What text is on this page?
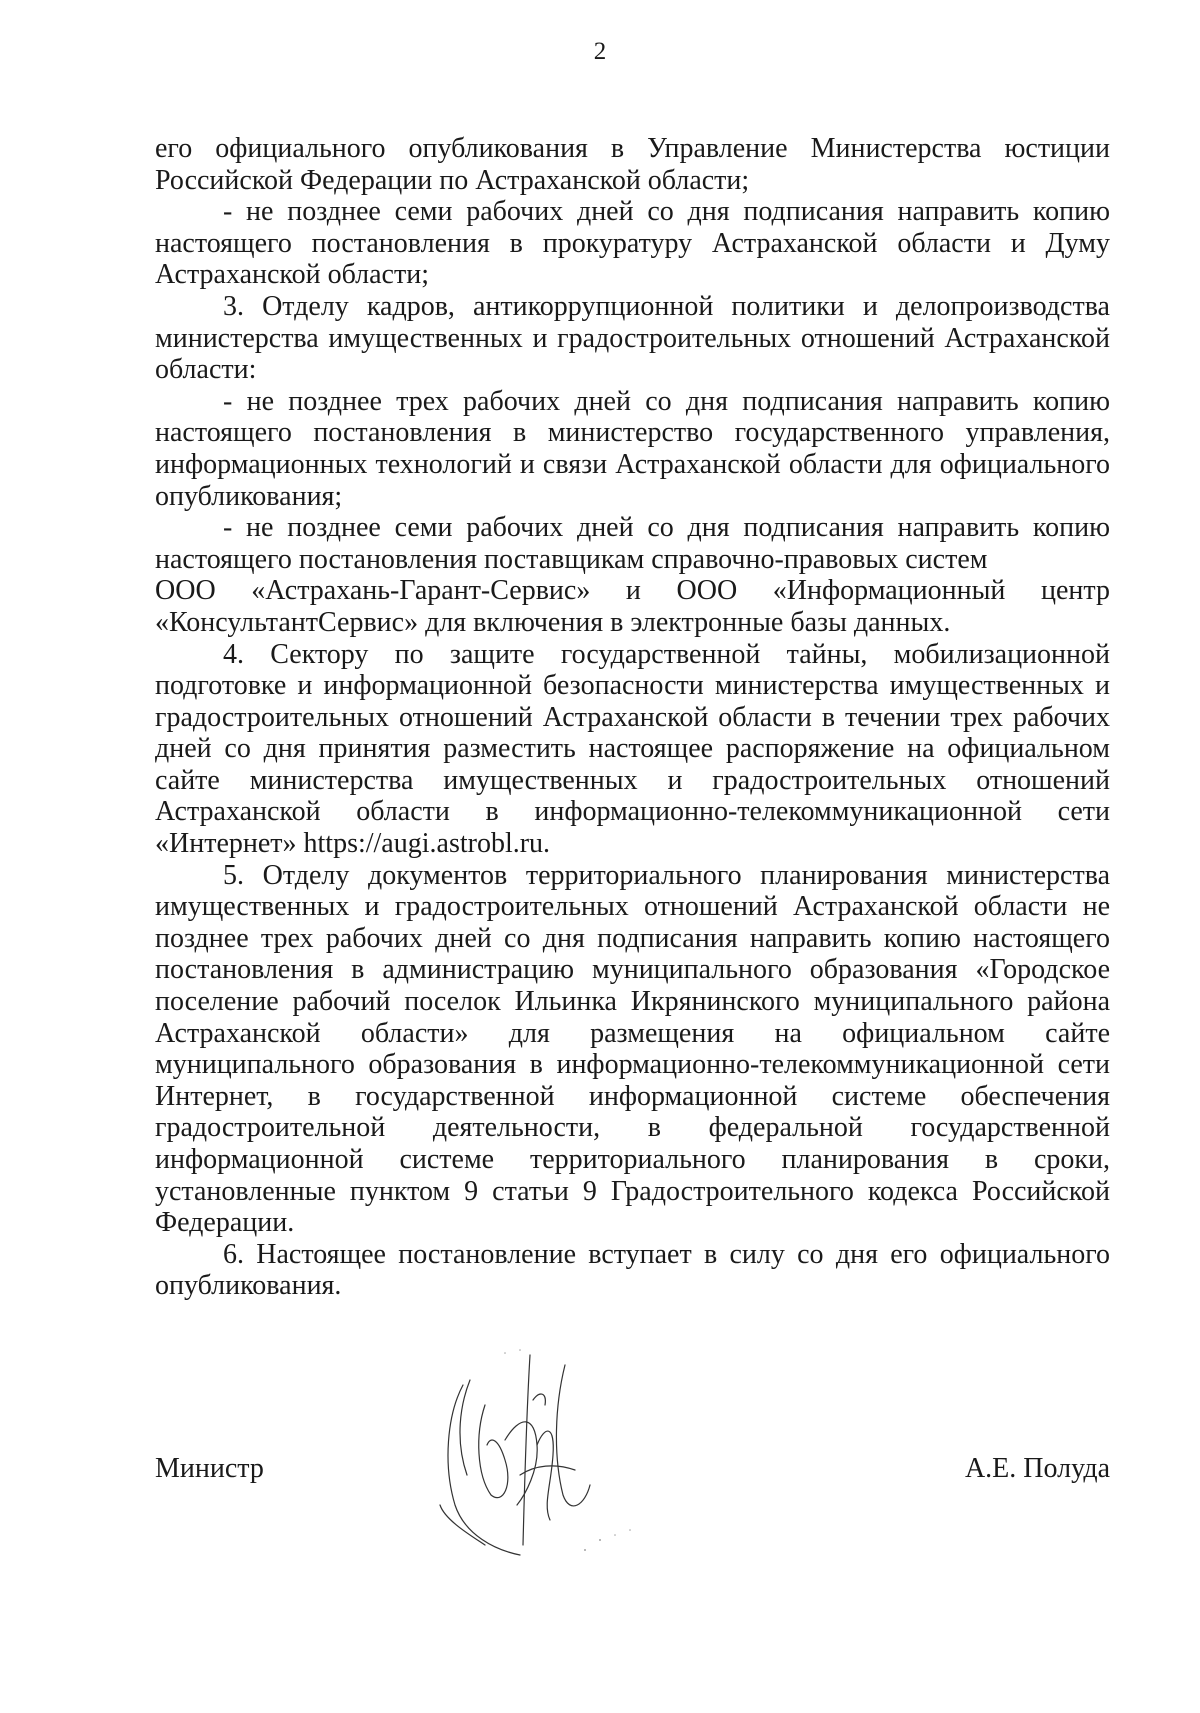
2

его официального опубликования в Управление Министерства юстиции Российской Федерации по Астраханской области;

- не позднее семи рабочих дней со дня подписания направить копию настоящего постановления в прокуратуру Астраханской области и Думу Астраханской области;

3. Отделу кадров, антикоррупционной политики и делопроизводства министерства имущественных и градостроительных отношений Астраханской области:

- не позднее трех рабочих дней со дня подписания направить копию настоящего постановления в министерство государственного управления, информационных технологий и связи Астраханской области для официального опубликования;

- не позднее семи рабочих дней со дня подписания направить копию настоящего постановления поставщикам справочно-правовых систем

ООО «Астрахань-Гарант-Сервис» и ООО «Информационный центр «КонсультантСервис» для включения в электронные базы данных.

4. Сектору по защите государственной тайны, мобилизационной подготовке и информационной безопасности министерства имущественных и градостроительных отношений Астраханской области в течении трех рабочих дней со дня принятия разместить настоящее распоряжение на официальном сайте министерства имущественных и градостроительных отношений Астраханской области в информационно-телекоммуникационной сети «Интернет» https://augi.astrobl.ru.

5. Отделу документов территориального планирования министерства имущественных и градостроительных отношений Астраханской области не позднее трех рабочих дней со дня подписания направить копию настоящего постановления в администрацию муниципального образования «Городское поселение рабочий поселок Ильинка Икрянинского муниципального района Астраханской области» для размещения на официальном сайте муниципального образования в информационно-телекоммуникационной сети Интернет, в государственной информационной системе обеспечения градостроительной деятельности, в федеральной государственной информационной системе территориального планирования в сроки, установленные пунктом 9 статьи 9 Градостроительного кодекса Российской Федерации.

6. Настоящее постановление вступает в силу со дня его официального опубликования.

Министр	А.Е. Полуда
